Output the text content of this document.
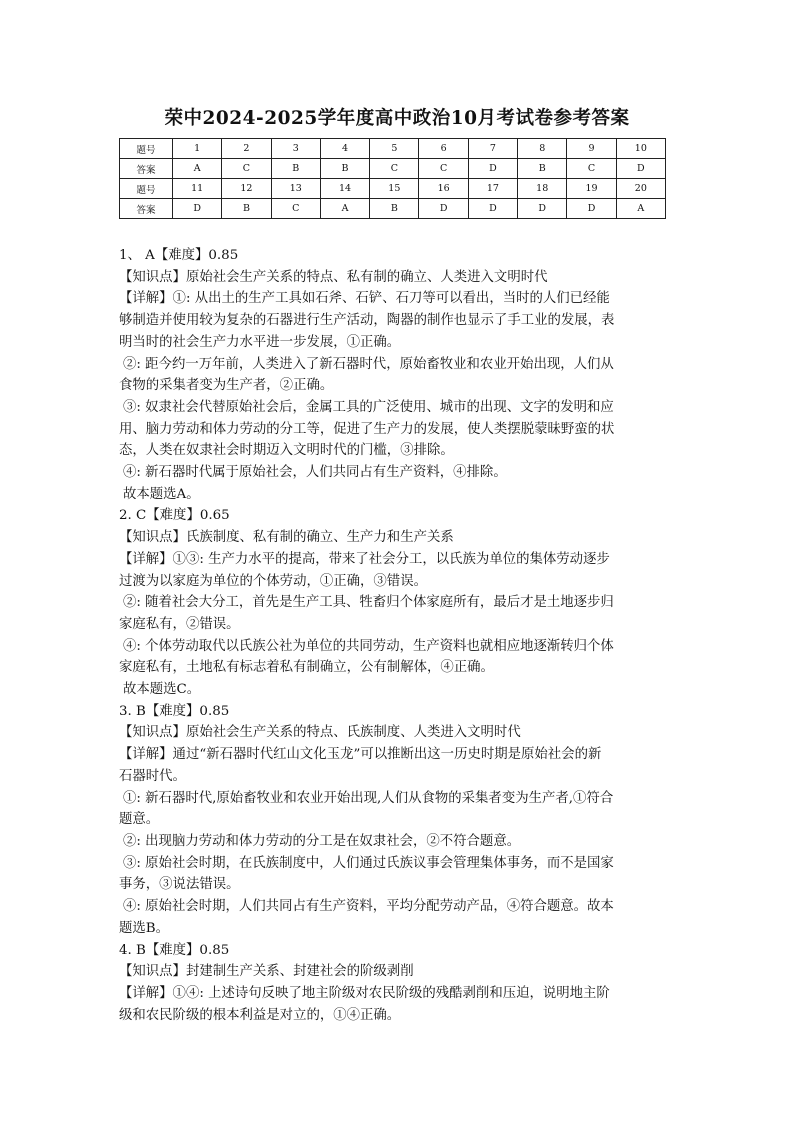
荣中2024-2025学年度高中政治10月考试卷参考答案
题号	1	2	3	4	5	6	7	8	9	10
答案	A	C	B	B	C	C	D	B	C	D
题号	11	12	13	14	15	16	17	18	19	20
答案	D	B	C	A	B	D	D	D	D	A

1、 A【难度】0.85

【知识点】原始社会生产关系的特点、私有制的确立、人类进入文明时代

【详解】①: 从出土的生产工具如石斧、石铲、石刀等可以看出，当时的人们已经能

够制造并使用较为复杂的石器进行生产活动，陶器的制作也显示了手工业的发展，表

明当时的社会生产力水平进一步发展，①正确。

②: 距今约一万年前，人类进入了新石器时代，原始畜牧业和农业开始出现，人们从

食物的采集者变为生产者，②正确。

③: 奴隶社会代替原始社会后，金属工具的广泛使用、城市的出现、文字的发明和应

用、脑力劳动和体力劳动的分工等，促进了生产力的发展，使人类摆脱蒙昧野蛮的状

态，人类在奴隶社会时期迈入文明时代的门槛，③排除。

④: 新石器时代属于原始社会，人们共同占有生产资料，④排除。

故本题选A。

2. C【难度】0.65

【知识点】氏族制度、私有制的确立、生产力和生产关系

【详解】①③: 生产力水平的提高，带来了社会分工，以氏族为单位的集体劳动逐步

过渡为以家庭为单位的个体劳动，①正确，③错误。

②: 随着社会大分工，首先是生产工具、牲畜归个体家庭所有，最后才是土地逐步归

家庭私有，②错误。

④: 个体劳动取代以氏族公社为单位的共同劳动，生产资料也就相应地逐渐转归个体

家庭私有，土地私有标志着私有制确立，公有制解体，④正确。

故本题选C。

3. B【难度】0.85

【知识点】原始社会生产关系的特点、氏族制度、人类进入文明时代

【详解】通过“新石器时代红山文化玉龙”可以推断出这一历史时期是原始社会的新

石器时代。

①: 新石器时代,原始畜牧业和农业开始出现,人们从食物的采集者变为生产者,①符合

题意。

②: 出现脑力劳动和体力劳动的分工是在奴隶社会，②不符合题意。

③: 原始社会时期，在氏族制度中，人们通过氏族议事会管理集体事务，而不是国家

事务，③说法错误。

④: 原始社会时期，人们共同占有生产资料，平均分配劳动产品，④符合题意。故本

题选B。

4. B【难度】0.85

【知识点】封建制生产关系、封建社会的阶级剥削

【详解】①④: 上述诗句反映了地主阶级对农民阶级的残酷剥削和压迫，说明地主阶

级和农民阶级的根本利益是对立的，①④正确。
